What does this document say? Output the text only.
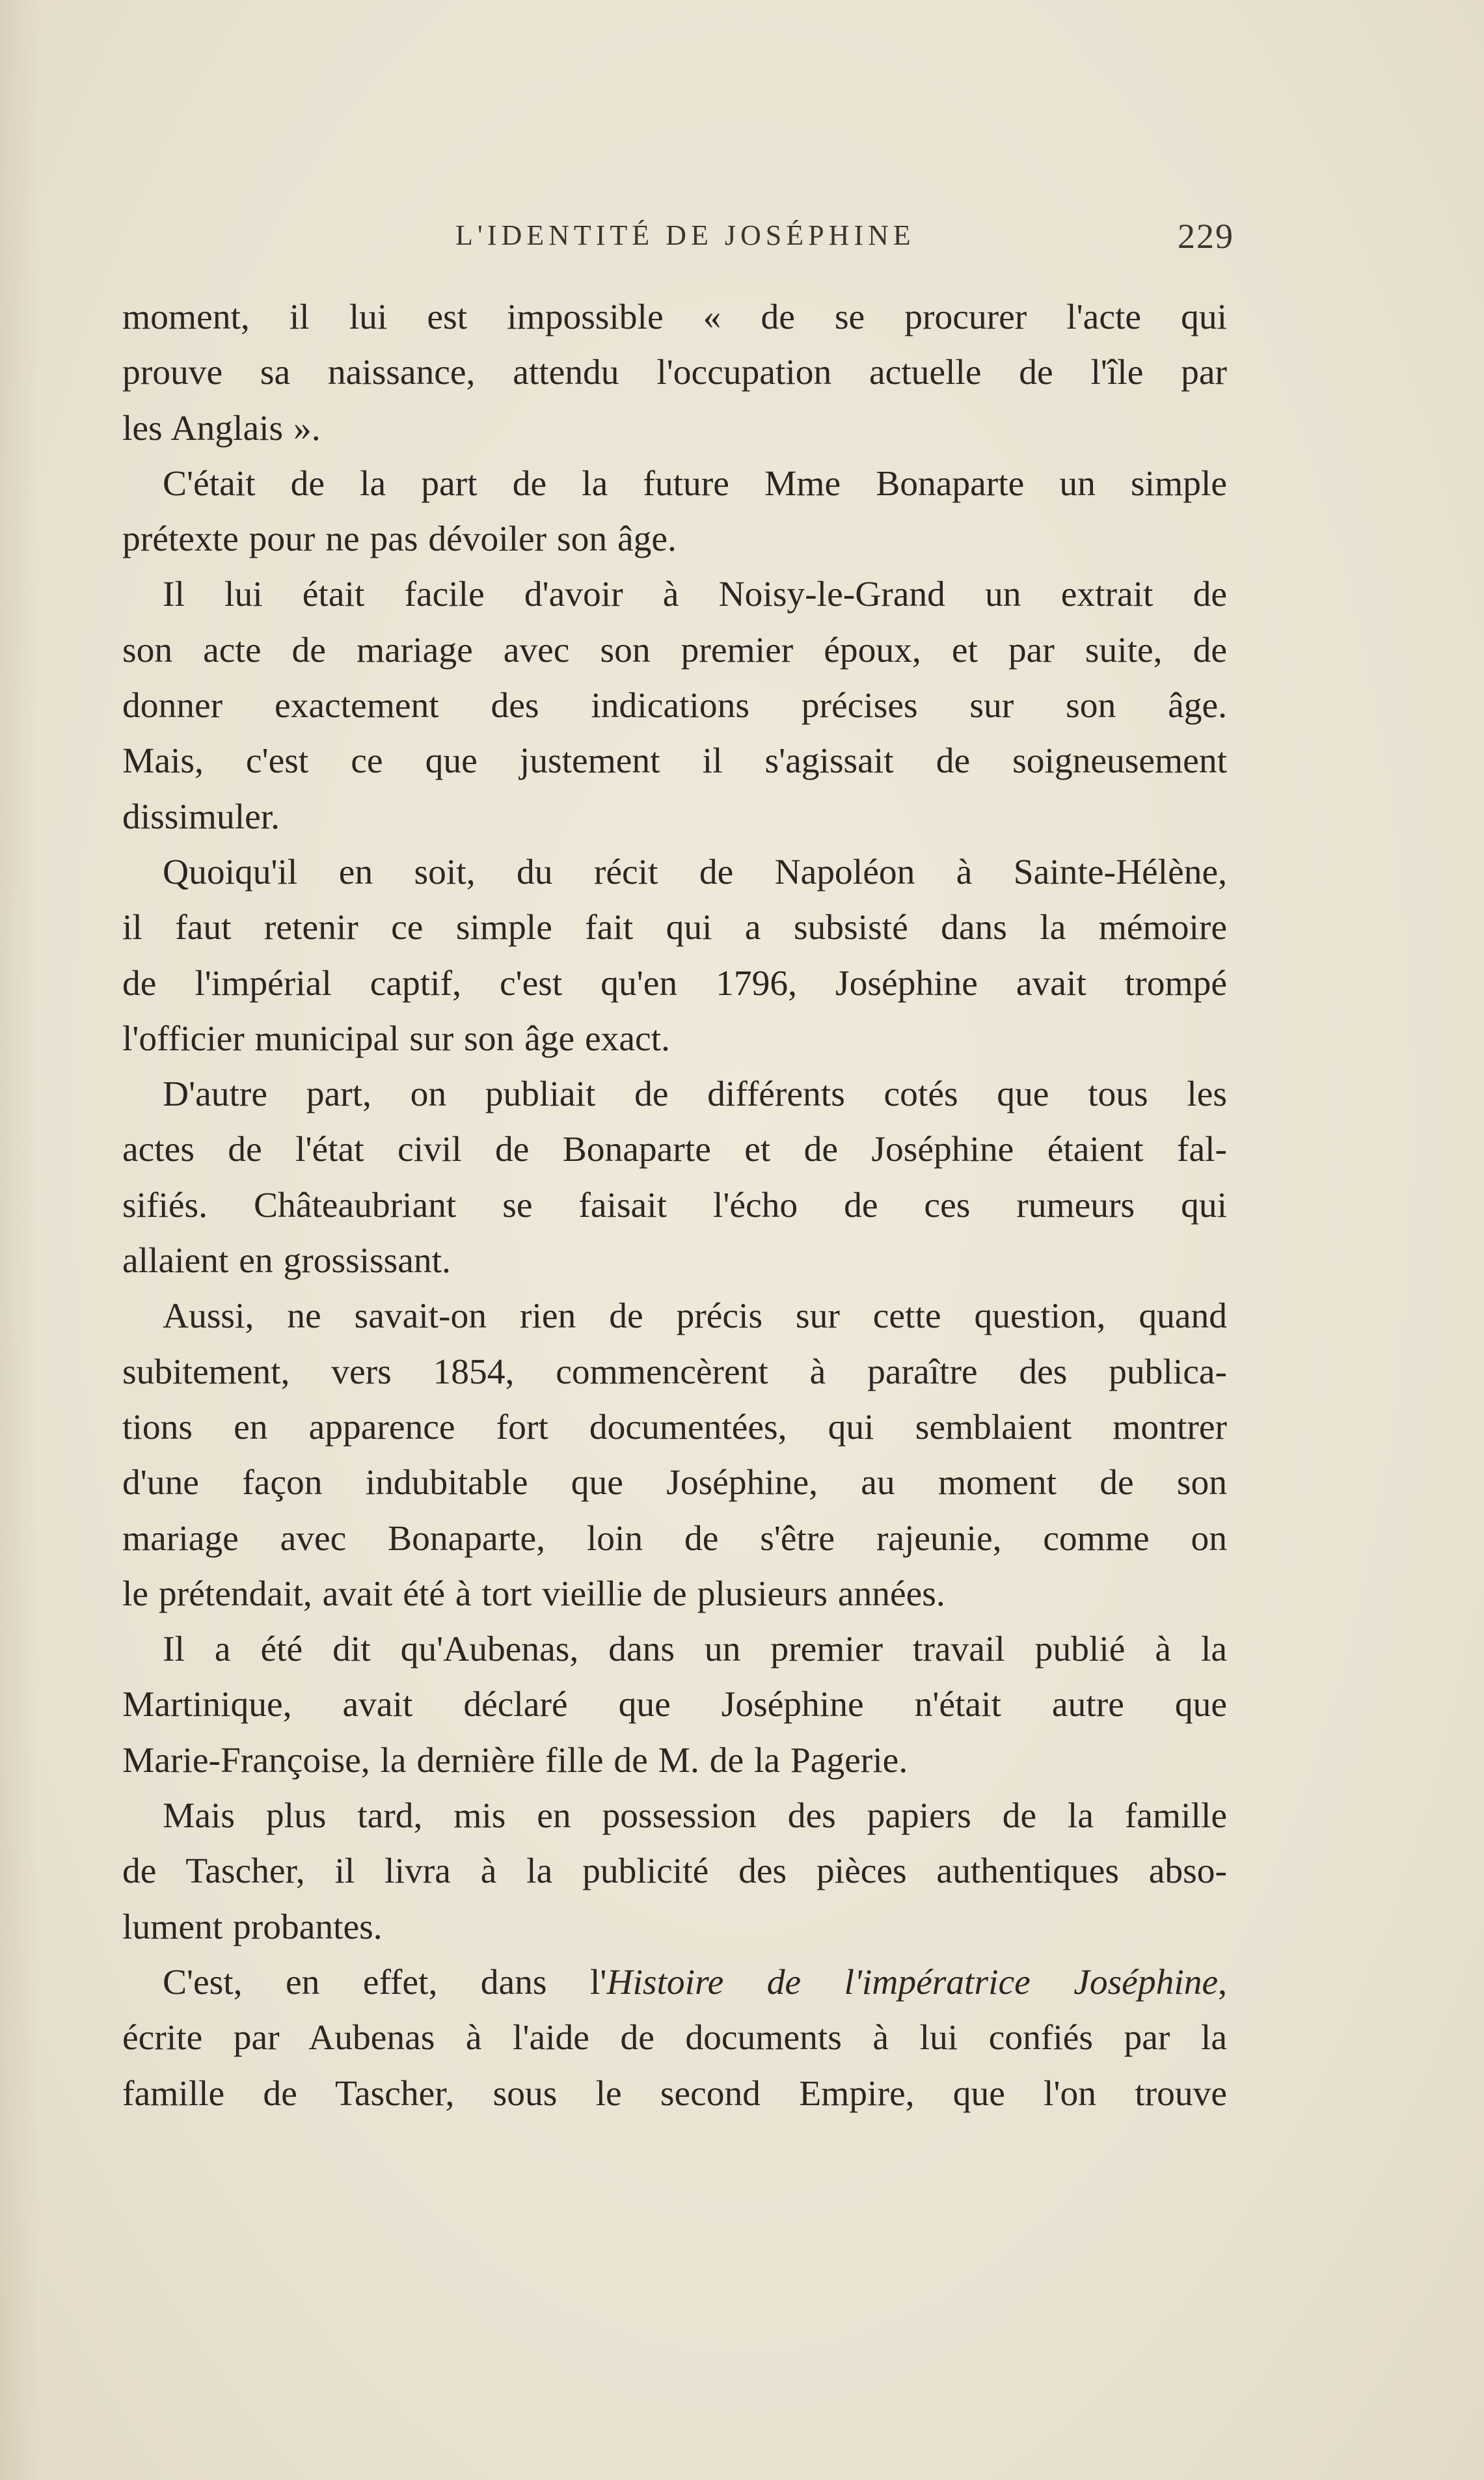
L'IDENTITÉ DE JOSÉPHINE	229
moment, il lui est impossible « de se procurer l'acte qui
prouve sa naissance, attendu l'occupation actuelle de l'île par
les Anglais ».
C'était de la part de la future Mme Bonaparte un simple
prétexte pour ne pas dévoiler son âge.
Il lui était facile d'avoir à Noisy-le-Grand un extrait de
son acte de mariage avec son premier époux, et par suite, de
donner exactement des indications précises sur son âge.
Mais, c'est ce que justement il s'agissait de soigneusement
dissimuler.
Quoiqu'il en soit, du récit de Napoléon à Sainte-Hélène,
il faut retenir ce simple fait qui a subsisté dans la mémoire
de l'impérial captif, c'est qu'en 1796, Joséphine avait trompé
l'officier municipal sur son âge exact.
D'autre part, on publiait de différents cotés que tous les
actes de l'état civil de Bonaparte et de Joséphine étaient fal-
sifiés. Châteaubriant se faisait l'écho de ces rumeurs qui
allaient en grossissant.
Aussi, ne savait-on rien de précis sur cette question, quand
subitement, vers 1854, commencèrent à paraître des publica-
tions en apparence fort documentées, qui semblaient montrer
d'une façon indubitable que Joséphine, au moment de son
mariage avec Bonaparte, loin de s'être rajeunie, comme on
le prétendait, avait été à tort vieillie de plusieurs années.
Il a été dit qu'Aubenas, dans un premier travail publié à la
Martinique, avait déclaré que Joséphine n'était autre que
Marie-Françoise, la dernière fille de M. de la Pagerie.
Mais plus tard, mis en possession des papiers de la famille
de Tascher, il livra à la publicité des pièces authentiques abso-
lument probantes.
C'est, en effet, dans l'Histoire de l'impératrice Joséphine,
écrite par Aubenas à l'aide de documents à lui confiés par la
famille de Tascher, sous le second Empire, que l'on trouve
